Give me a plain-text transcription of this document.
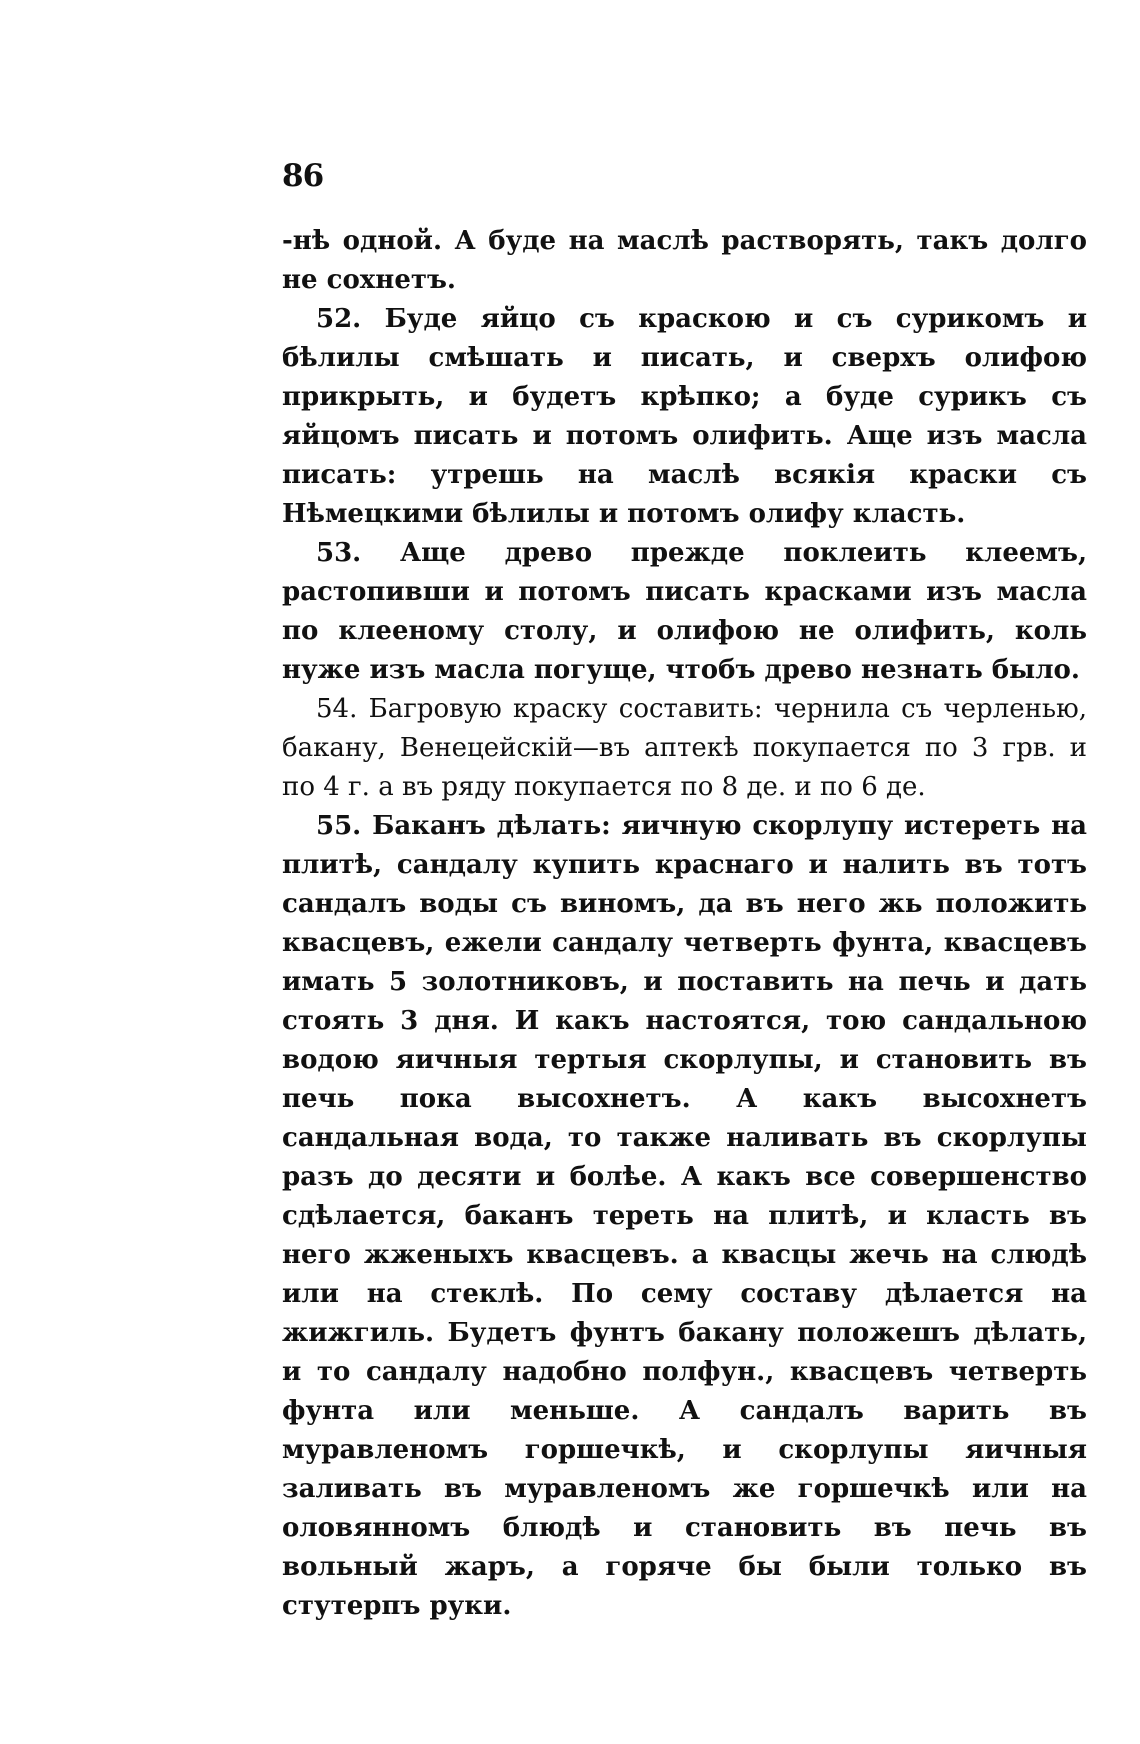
86

-нѣ одной. А буде на маслѣ растворять, такъ долго не сохнетъ.

52. Буде яйцо съ краскою и съ сурикомъ и бѣлилы смѣшать и писать, и сверхъ олифою прикрыть, и будетъ крѣпко; а буде сурикъ съ яйцомъ писать и потомъ олифить. Аще изъ масла писать: утрешь на маслѣ всякія краски съ Нѣмецкими бѣлилы и потомъ олифу класть.

53. Аще древо прежде поклеить клеемъ, растопивши и потомъ писать красками изъ масла по клееному столу, и олифою не олифить, коль нуже изъ масла погуще, чтобъ древо незнать было.

54. Багровую краску составить: чернила съ черленью, бакану, Венецейскій—въ аптекѣ покупается по 3 грв. и по 4 г. а въ ряду покупается по 8 де. и по 6 де.

55. Баканъ дѣлать: яичную скорлупу истереть на плитѣ, сандалу купить краснаго и налить въ тотъ сандалъ воды съ виномъ, да въ него жь положить квасцевъ, ежели сандалу четверть фунта, квасцевъ имать 5 золотниковъ, и поставить на печь и дать стоять 3 дня. И какъ настоятся, тою сандальною водою яичныя тертыя скорлупы, и становить въ печь пока высохнетъ. А какъ высохнетъ сандальная вода, то также наливать въ скорлупы разъ до десяти и болѣе. А какъ все совершенство сдѣлается, баканъ тереть на плитѣ, и класть въ него жженыхъ квасцевъ. а квасцы жечь на слюдѣ или на стеклѣ. По сему составу дѣлается на жижгиль. Будетъ фунтъ бакану положешъ дѣлать, и то сандалу надобно полфун., квасцевъ четверть фунта или меньше. А сандалъ варить въ муравленомъ горшечкѣ, и скорлупы яичныя заливать въ муравленомъ же горшечкѣ или на оловянномъ блюдѣ и становить въ печь въ вольный жаръ, а горяче бы были только въ стутерпъ руки.
